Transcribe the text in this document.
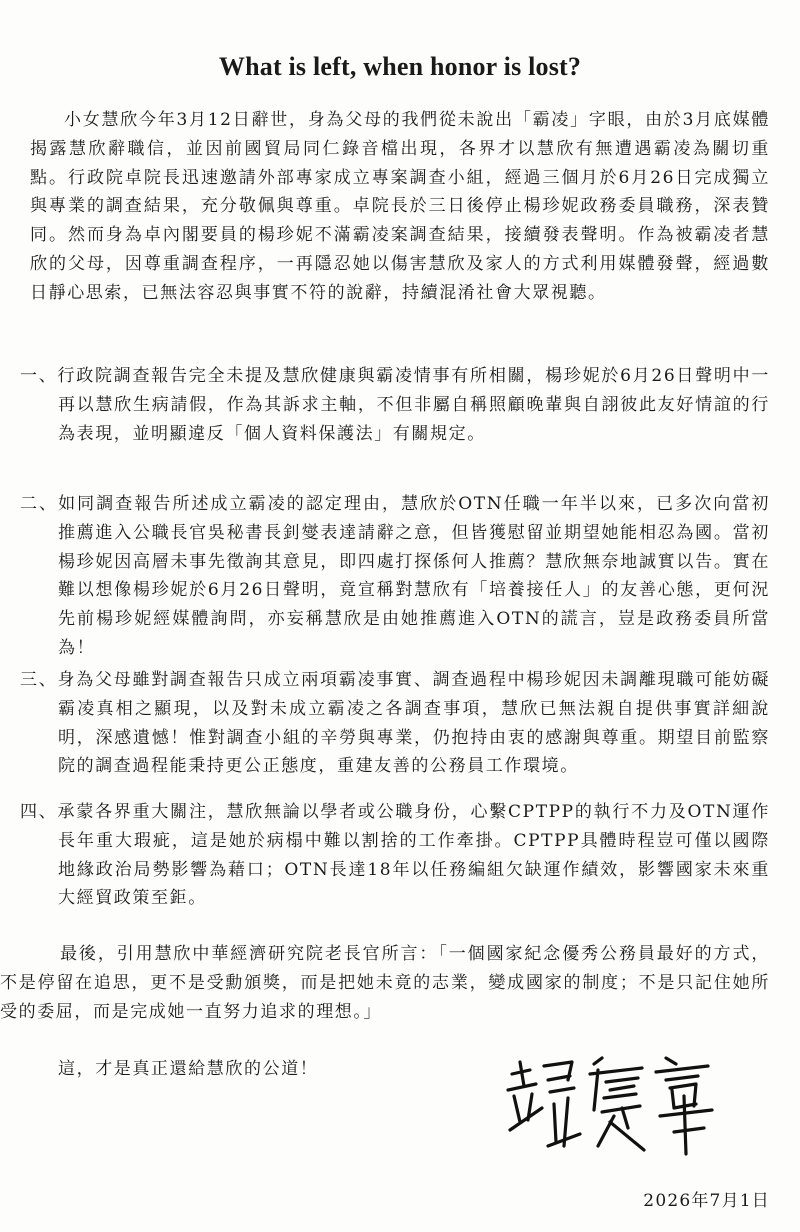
What is left, when honor is lost?

小女慧欣今年3月12日辭世，身為父母的我們從未說出「霸凌」字眼，由於3月底媒體揭露慧欣辭職信，並因前國貿局同仁錄音檔出現，各界才以慧欣有無遭遇霸凌為關切重點。行政院卓院長迅速邀請外部專家成立專案調查小組，經過三個月於6月26日完成獨立與專業的調查結果，充分敬佩與尊重。卓院長於三日後停止楊珍妮政務委員職務，深表贊同。然而身為卓內閣要員的楊珍妮不滿霸凌案調查結果，接續發表聲明。作為被霸凌者慧欣的父母，因尊重調查程序，一再隱忍她以傷害慧欣及家人的方式利用媒體發聲，經過數日靜心思索，已無法容忍與事實不符的說辭，持續混淆社會大眾視聽。

一、行政院調查報告完全未提及慧欣健康與霸凌情事有所相關，楊珍妮於6月26日聲明中一再以慧欣生病請假，作為其訴求主軸，不但非屬自稱照顧晚輩與自詡彼此友好情誼的行為表現，並明顯違反「個人資料保護法」有關規定。

二、如同調查報告所述成立霸凌的認定理由，慧欣於OTN任職一年半以來，已多次向當初推薦進入公職長官吳秘書長釗燮表達請辭之意，但皆獲慰留並期望她能相忍為國。當初楊珍妮因高層未事先徵詢其意見，即四處打探係何人推薦？慧欣無奈地誠實以告。實在難以想像楊珍妮於6月26日聲明，竟宣稱對慧欣有「培養接任人」的友善心態，更何況先前楊珍妮經媒體詢問，亦妄稱慧欣是由她推薦進入OTN的謊言，豈是政務委員所當為！

三、身為父母雖對調查報告只成立兩項霸凌事實、調查過程中楊珍妮因未調離現職可能妨礙霸凌真相之顯現，以及對未成立霸凌之各調查事項，慧欣已無法親自提供事實詳細說明，深感遺憾！惟對調查小組的辛勞與專業，仍抱持由衷的感謝與尊重。期望目前監察院的調查過程能秉持更公正態度，重建友善的公務員工作環境。

四、承蒙各界重大關注，慧欣無論以學者或公職身份，心繫CPTPP的執行不力及OTN運作長年重大瑕疵，這是她於病榻中難以割捨的工作牽掛。CPTPP具體時程豈可僅以國際地緣政治局勢影響為藉口；OTN長達18年以任務編組欠缺運作績效，影響國家未來重大經貿政策至鉅。

最後，引用慧欣中華經濟研究院老長官所言：「一個國家紀念優秀公務員最好的方式，不是停留在追思，更不是受勳頒獎，而是把她未竟的志業，變成國家的制度；不是只記住她所受的委屈，而是完成她一直努力追求的理想。」

這，才是真正還給慧欣的公道！

2026年7月1日
